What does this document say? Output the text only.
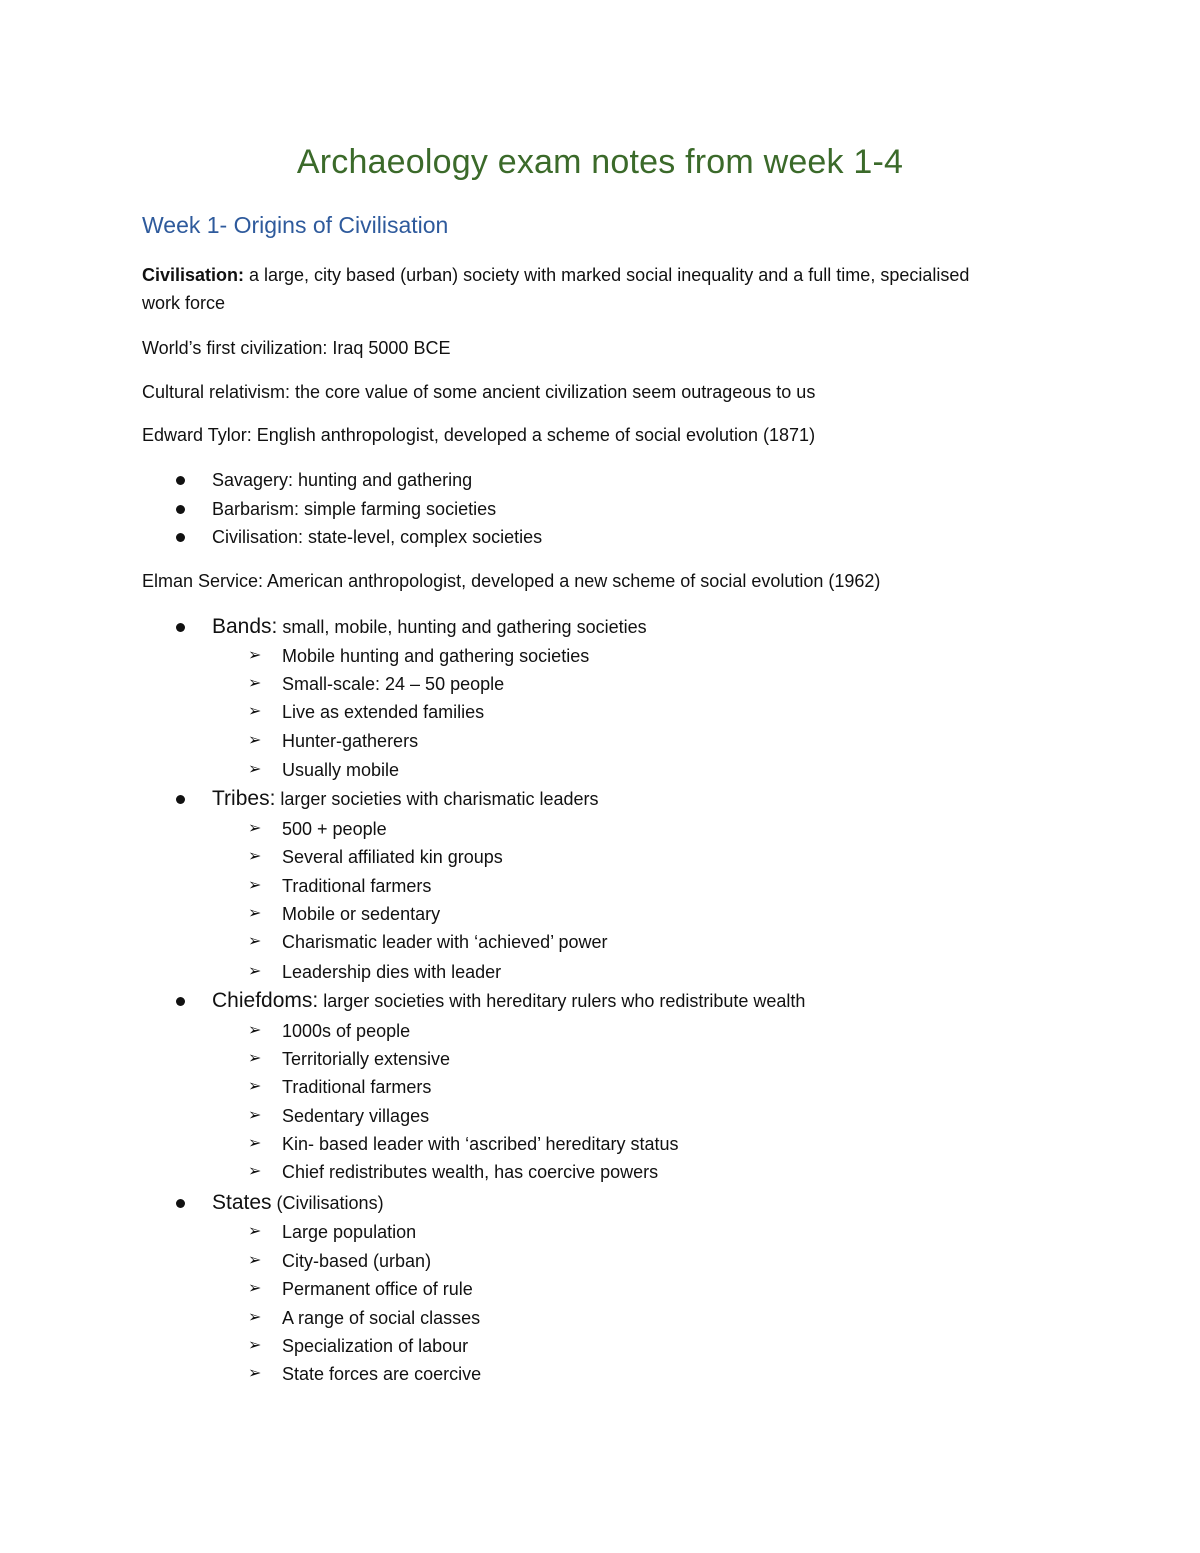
Archaeology exam notes from week 1-4
Week 1- Origins of Civilisation

Civilisation: a large, city based (urban) society with marked social inequality and a full time, specialised

work force

World’s first civilization: Iraq 5000 BCE

Cultural relativism: the core value of some ancient civilization seem outrageous to us

Edward Tylor: English anthropologist, developed a scheme of social evolution (1871)

Savagery: hunting and gathering
Barbarism: simple farming societies
Civilisation: state-level, complex societies

Elman Service: American anthropologist, developed a new scheme of social evolution (1962)

Bands: small, mobile, hunting and gathering societies
➢ Mobile hunting and gathering societies
➢ Small-scale: 24 – 50 people
➢ Live as extended families
➢ Hunter-gatherers
➢ Usually mobile
Tribes: larger societies with charismatic leaders
➢ 500 + people
➢ Several affiliated kin groups
➢ Traditional farmers
➢ Mobile or sedentary
➢ Charismatic leader with ‘achieved’ power
➢ Leadership dies with leader
Chiefdoms: larger societies with hereditary rulers who redistribute wealth
➢ 1000s of people
➢ Territorially extensive
➢ Traditional farmers
➢ Sedentary villages
➢ Kin- based leader with ‘ascribed’ hereditary status
➢ Chief redistributes wealth, has coercive powers
States (Civilisations)
➢ Large population
➢ City-based (urban)
➢ Permanent office of rule
➢ A range of social classes
➢ Specialization of labour
➢ State forces are coercive
